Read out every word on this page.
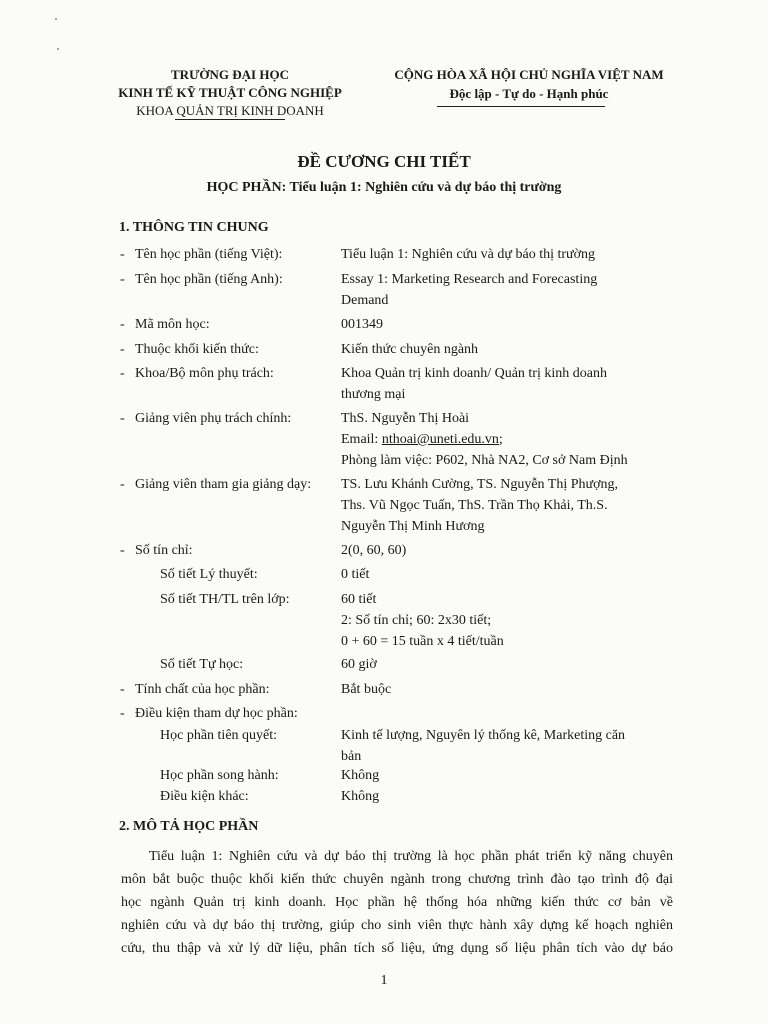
TRƯỜNG ĐẠI HỌC
KINH TẾ KỸ THUẬT CÔNG NGHIỆP
KHOA QUẢN TRỊ KINH DOANH
CỘNG HÒA XÃ HỘI CHỦ NGHĨA VIỆT NAM
Độc lập - Tự do - Hạnh phúc
ĐỀ CƯƠNG CHI TIẾT
HỌC PHẦN: Tiểu luận 1: Nghiên cứu và dự báo thị trường
1. THÔNG TIN CHUNG
- Tên học phần (tiếng Việt):	Tiểu luận 1: Nghiên cứu và dự báo thị trường
- Tên học phần (tiếng Anh):	Essay 1: Marketing Research and Forecasting
Demand
- Mã môn học:	001349
- Thuộc khối kiến thức:	Kiến thức chuyên ngành
- Khoa/Bộ môn phụ trách:	Khoa Quản trị kinh doanh/ Quản trị kinh doanh
thương mại
- Giảng viên phụ trách chính:	ThS. Nguyễn Thị Hoài
Email: nthoai@uneti.edu.vn;
Phòng làm việc: P602, Nhà NA2, Cơ sở Nam Định
- Giảng viên tham gia giảng dạy: TS. Lưu Khánh Cường, TS. Nguyễn Thị Phượng,
Ths. Vũ Ngọc Tuấn, ThS. Trần Thọ Khải, Th.S.
Nguyễn Thị Minh Hương
- Số tín chỉ:	2(0, 60, 60)
Số tiết Lý thuyết:	0 tiết
Số tiết TH/TL trên lớp:	60 tiết
2: Số tín chỉ; 60: 2x30 tiết;
0 + 60 = 15 tuần x 4 tiết/tuần
Số tiết Tự học:	60 giờ
- Tính chất của học phần:	Bắt buộc
- Điều kiện tham dự học phần:
Học phần tiên quyết:	Kinh tế lượng, Nguyên lý thống kê, Marketing căn
bản
Học phần song hành:	Không
Điều kiện khác:	Không
2. MÔ TẢ HỌC PHẦN

Tiểu luận 1: Nghiên cứu và dự báo thị trường là học phần phát triển kỹ năng chuyên

môn bắt buộc thuộc khối kiến thức chuyên ngành trong chương trình đào tạo trình độ đại

học ngành Quản trị kinh doanh. Học phần hệ thống hóa những kiến thức cơ bản về

nghiên cứu và dự báo thị trường, giúp cho sinh viên thực hành xây dựng kế hoạch nghiên

cứu, thu thập và xử lý dữ liệu, phân tích số liệu, ứng dụng số liệu phân tích vào dự báo

1
